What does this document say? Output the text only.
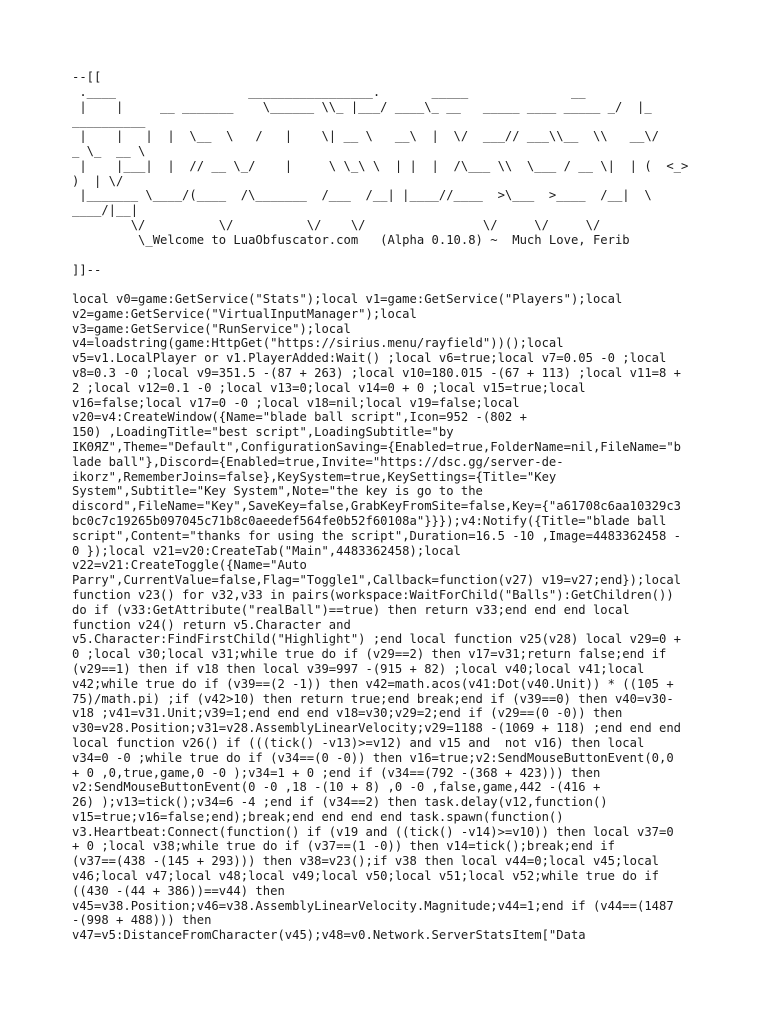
--[[
.____                  _________________.       _____              __
|    |     __ _______    \______ \\_ |___/ ____\_ __   _____ ____ _____ _/  |_
__________
|    |   |  |  \__  \   /   |    \| __ \   __\  |  \/  ___// ___\\__  \\   __\/
_ \_  __ \
|    |___|  |  // __ \_/    |     \ \_\ \  | |  |  /\___ \\  \___ / __ \|  | (  <_>
)  | \/
|_______ \____/(____  /\_______  /___  /__| |____//____  >\___  >____  /__|  \
____/|__|
\/          \/          \/    \/                \/     \/     \/
\_Welcome to LuaObfuscator.com   (Alpha 0.10.8) ~  Much Love, Ferib
]]--
local v0=game:GetService("Stats");local v1=game:GetService("Players");local
v2=game:GetService("VirtualInputManager");local
v3=game:GetService("RunService");local
v4=loadstring(game:HttpGet("https://sirius.menu/rayfield"))();local
v5=v1.LocalPlayer or v1.PlayerAdded:Wait() ;local v6=true;local v7=0.05 -0 ;local
v8=0.3 -0 ;local v9=351.5 -(87 + 263) ;local v10=180.015 -(67 + 113) ;local v11=8 +
2 ;local v12=0.1 -0 ;local v13=0;local v14=0 + 0 ;local v15=true;local
v16=false;local v17=0 -0 ;local v18=nil;local v19=false;local
v20=v4:CreateWindow({Name="blade ball script",Icon=952 -(802 +
150) ,LoadingTitle="best script",LoadingSubtitle="by
IKΘЯZ",Theme="Default",ConfigurationSaving={Enabled=true,FolderName=nil,FileName="b
lade ball"},Discord={Enabled=true,Invite="https://dsc.gg/server-de-
ikorz",RememberJoins=false},KeySystem=true,KeySettings={Title="Key
System",Subtitle="Key System",Note="the key is go to the
discord",FileName="Key",SaveKey=false,GrabKeyFromSite=false,Key={"a61708c6aa10329c3
bc0c7c19265b097045c71b8c0aeedef564fe0b52f60108a"}}});v4:Notify({Title="blade ball
script",Content="thanks for using the script",Duration=16.5 -10 ,Image=4483362458 -
0 });local v21=v20:CreateTab("Main",4483362458);local
v22=v21:CreateToggle({Name="Auto
Parry",CurrentValue=false,Flag="Toggle1",Callback=function(v27) v19=v27;end});local
function v23() for v32,v33 in pairs(workspace:WaitForChild("Balls"):GetChildren())
do if (v33:GetAttribute("realBall")==true) then return v33;end end end local
function v24() return v5.Character and
v5.Character:FindFirstChild("Highlight") ;end local function v25(v28) local v29=0 +
0 ;local v30;local v31;while true do if (v29==2) then v17=v31;return false;end if
(v29==1) then if v18 then local v39=997 -(915 + 82) ;local v40;local v41;local
v42;while true do if (v39==(2 -1)) then v42=math.acos(v41:Dot(v40.Unit)) * ((105 +
75)/math.pi) ;if (v42>10) then return true;end break;end if (v39==0) then v40=v30-
v18 ;v41=v31.Unit;v39=1;end end end v18=v30;v29=2;end if (v29==(0 -0)) then
v30=v28.Position;v31=v28.AssemblyLinearVelocity;v29=1188 -(1069 + 118) ;end end end
local function v26() if (((tick() -v13)>=v12) and v15 and  not v16) then local
v34=0 -0 ;while true do if (v34==(0 -0)) then v16=true;v2:SendMouseButtonEvent(0,0
+ 0 ,0,true,game,0 -0 );v34=1 + 0 ;end if (v34==(792 -(368 + 423))) then
v2:SendMouseButtonEvent(0 -0 ,18 -(10 + 8) ,0 -0 ,false,game,442 -(416 +
26) );v13=tick();v34=6 -4 ;end if (v34==2) then task.delay(v12,function()
v15=true;v16=false;end);break;end end end end task.spawn(function()
v3.Heartbeat:Connect(function() if (v19 and ((tick() -v14)>=v10)) then local v37=0
+ 0 ;local v38;while true do if (v37==(1 -0)) then v14=tick();break;end if
(v37==(438 -(145 + 293))) then v38=v23();if v38 then local v44=0;local v45;local
v46;local v47;local v48;local v49;local v50;local v51;local v52;while true do if
((430 -(44 + 386))==v44) then
v45=v38.Position;v46=v38.AssemblyLinearVelocity.Magnitude;v44=1;end if (v44==(1487
-(998 + 488))) then
v47=v5:DistanceFromCharacter(v45);v48=v0.Network.ServerStatsItem["Data
